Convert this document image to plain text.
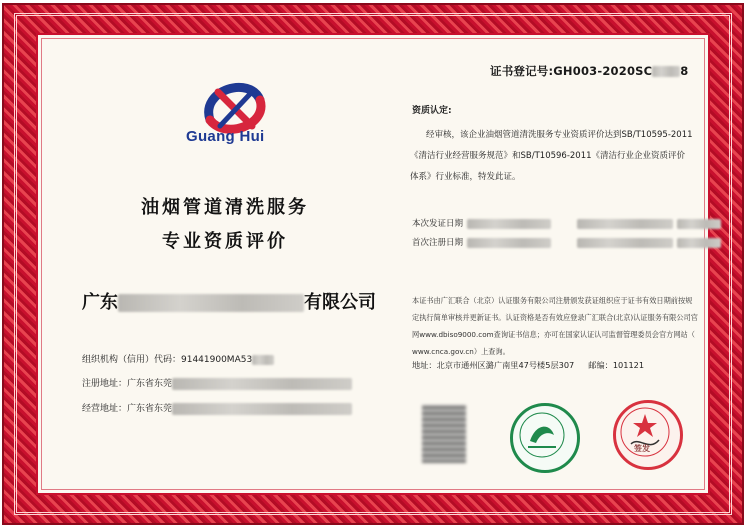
证书登记号:GH003-2020SC 8
Guang Hui
油烟管道清洗服务
专业资质评价
广东	有限公司
组织机构（信用）代码：91441900MA53
注册地址：广东省东莞
经营地址：广东省东莞
资质认定:

经审核，该企业油烟管道清洗服务专业资质评价达到SB/T10595-2011

《清洁行业经营服务规范》和SB/T10596-2011《清洁行业企业资质评价

体系》行业标准，特发此证。

本次发证日期
首次注册日期

本证书由广汇联合（北京）认证服务有限公司注册颁发获证组织应于证书有效日期前按规

定执行简单审核并更新证书。认证资格是否有效应登录广汇联合(北京)认证服务有限公司官

网www.dbiso9000.com查询证书信息；亦可在国家认证认可监督管理委员会官方网站（

www.cnca.gov.cn）上查询。

地址：北京市通州区潞广南里47号楼5层307 邮编：101121
签发
